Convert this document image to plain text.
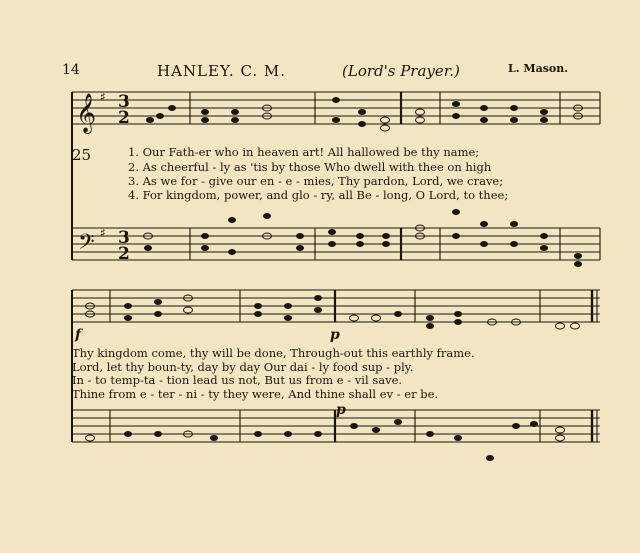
14	HANLEY. C. M.	(Lord's Prayer.)	L. Mason.
𝄞
𝄢
♯
♯
3
2
3
2
25	1. Our Fath-er who in heaven art! All hallowed be thy name;
2. As cheerful - ly as 'tis by those Who dwell with thee on high
3. As we for - give our en - e - mies, Thy pardon, Lord, we crave;
4. For kingdom, power, and glo - ry, all Be - long, O Lord, to thee;
Thy kingdom come, thy will be done, Through-out this earthly frame.
Lord, let thy boun-ty, day by day Our dai - ly food sup - ply.
In - to temp-ta - tion lead us not, But us from e - vil save.
Thine from e - ter - ni - ty they were, And thine shall ev - er be.
f	p
p
